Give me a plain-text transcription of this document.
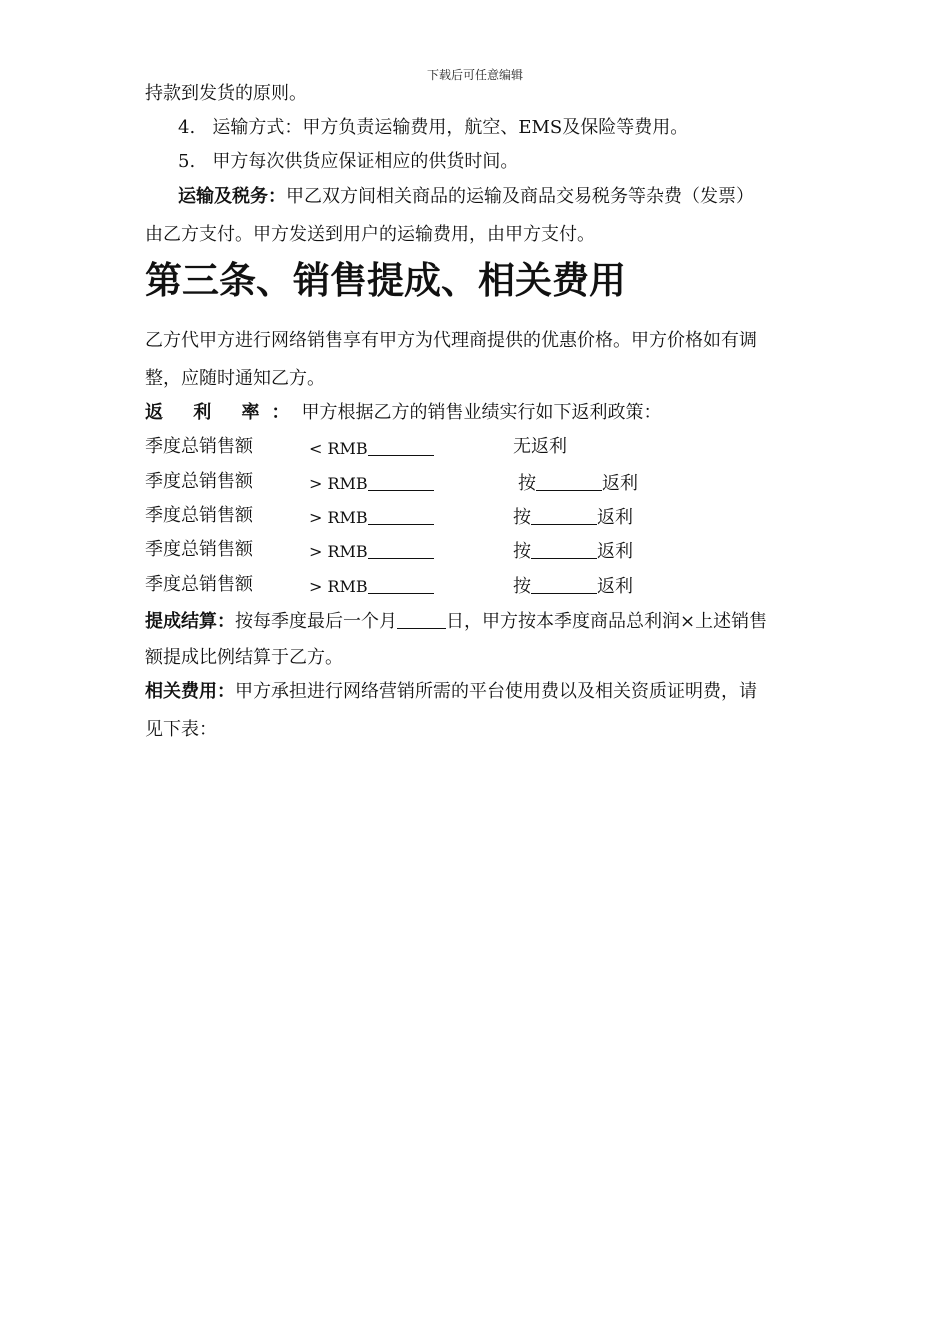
下载后可任意编辑
持款到发货的原则。
4. 运输方式：甲方负责运输费用，航空、EMS及保险等费用。
5. 甲方每次供货应保证相应的供货时间。
运输及税务：甲乙双方间相关商品的运输及商品交易税务等杂费（发票）
由乙方支付。甲方发送到用户的运输费用，由甲方支付。
第三条、销售提成、相关费用
乙方代甲方进行网络销售享有甲方为代理商提供的优惠价格。甲方价格如有调
整，应随时通知乙方。
返 利 率：甲方根据乙方的销售业绩实行如下返利政策：
季度总销售额	< RMB	无返利
季度总销售额	> RMB	按	返利
季度总销售额	> RMB	按	返利
季度总销售额	> RMB	按	返利
季度总销售额	> RMB	按	返利
提成结算：按每季度最后一个月	日，甲方按本季度商品总利润×上述销售
额提成比例结算于乙方。
相关费用：甲方承担进行网络营销所需的平台使用费以及相关资质证明费，请
见下表：
